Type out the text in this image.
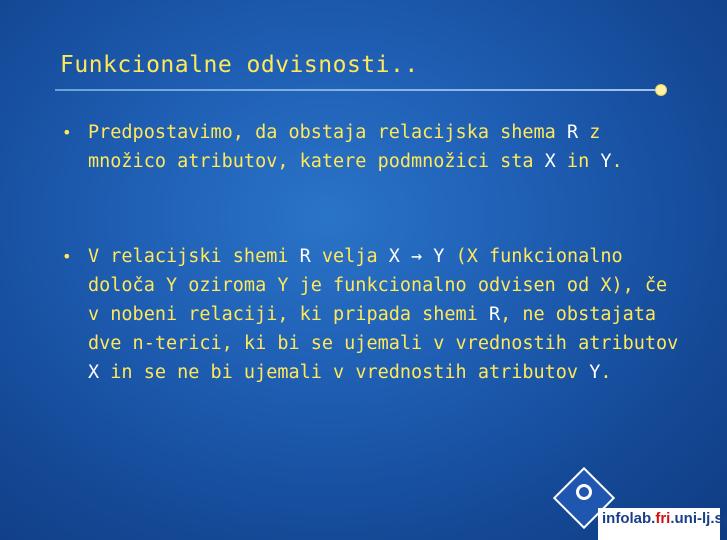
Funkcionalne odvisnosti..
• Predpostavimo, da obstaja relacijska shema R z množico atributov, katere podmnožici sta X in Y.
• V relacijski shemi R velja X → Y (X funkcionalno določa Y oziroma Y je funkcionalno odvisen od X), če v nobeni relaciji, ki pripada shemi R, ne obstajata dve n-terici, ki bi se ujemali v vrednostih atributov X in se ne bi ujemali v vrednostih atributov Y.
infolab.fri.uni-lj.si
